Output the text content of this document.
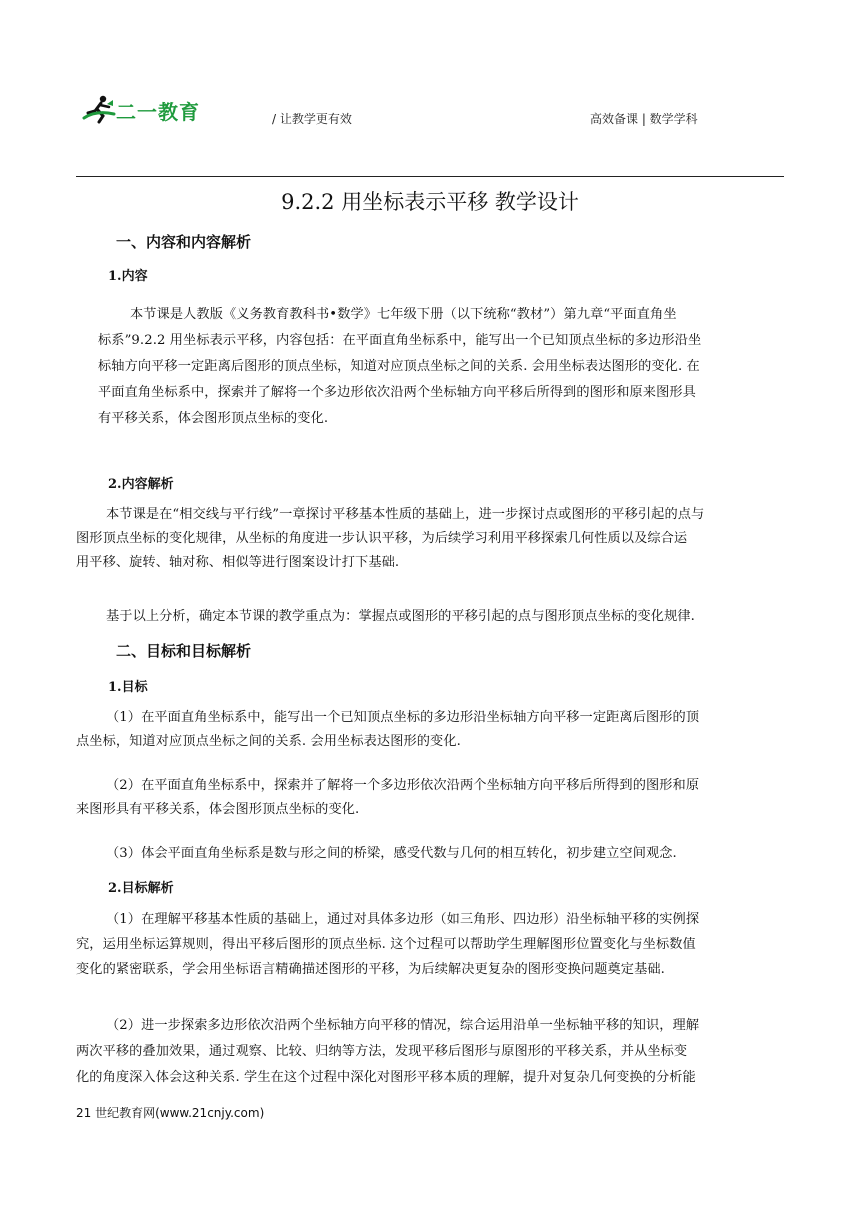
二一教育	/ 让教学更有效	高效备课 | 数学学科
9.2.2 用坐标表示平移 教学设计
一、内容和内容解析
1.内容
本节课是人教版《义务教育教科书•数学》七年级下册（以下统称“教材”）第九章“平面直角坐
标系”9.2.2 用坐标表示平移，内容包括：在平面直角坐标系中，能写出一个已知顶点坐标的多边形沿坐
标轴方向平移一定距离后图形的顶点坐标，知道对应顶点坐标之间的关系. 会用坐标表达图形的变化. 在
平面直角坐标系中，探索并了解将一个多边形依次沿两个坐标轴方向平移后所得到的图形和原来图形具
有平移关系，体会图形顶点坐标的变化.
2.内容解析
本节课是在“相交线与平行线”一章探讨平移基本性质的基础上，进一步探讨点或图形的平移引起的点与
图形顶点坐标的变化规律，从坐标的角度进一步认识平移，为后续学习利用平移探索几何性质以及综合运
用平移、旋转、轴对称、相似等进行图案设计打下基础.
基于以上分析，确定本节课的教学重点为：掌握点或图形的平移引起的点与图形顶点坐标的变化规律.
二、目标和目标解析
1.目标
（1）在平面直角坐标系中，能写出一个已知顶点坐标的多边形沿坐标轴方向平移一定距离后图形的顶
点坐标，知道对应顶点坐标之间的关系. 会用坐标表达图形的变化.
（2）在平面直角坐标系中，探索并了解将一个多边形依次沿两个坐标轴方向平移后所得到的图形和原
来图形具有平移关系，体会图形顶点坐标的变化.
（3）体会平面直角坐标系是数与形之间的桥梁，感受代数与几何的相互转化，初步建立空间观念.
2.目标解析
（1）在理解平移基本性质的基础上，通过对具体多边形（如三角形、四边形）沿坐标轴平移的实例探
究，运用坐标运算规则，得出平移后图形的顶点坐标. 这个过程可以帮助学生理解图形位置变化与坐标数值
变化的紧密联系，学会用坐标语言精确描述图形的平移，为后续解决更复杂的图形变换问题奠定基础.
（2）进一步探索多边形依次沿两个坐标轴方向平移的情况，综合运用沿单一坐标轴平移的知识，理解
两次平移的叠加效果，通过观察、比较、归纳等方法，发现平移后图形与原图形的平移关系，并从坐标变
化的角度深入体会这种关系. 学生在这个过程中深化对图形平移本质的理解，提升对复杂几何变换的分析能
21 世纪教育网(www.21cnjy.com)
